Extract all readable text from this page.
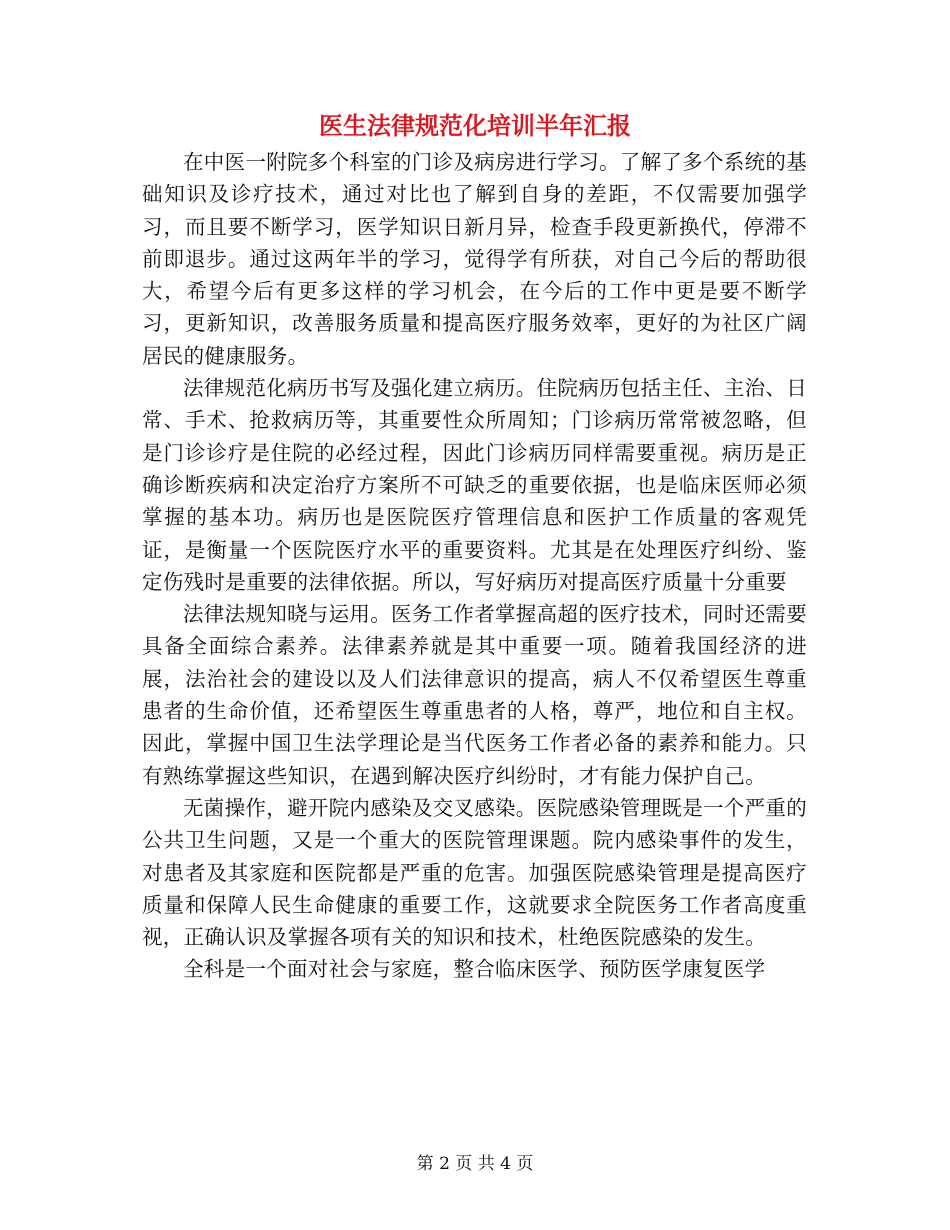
医生法律规范化培训半年汇报

在中医一附院多个科室的门诊及病房进行学习。了解了多个系统的基础知识及诊疗技术，通过对比也了解到自身的差距，不仅需要加强学习，而且要不断学习，医学知识日新月异，检查手段更新换代，停滞不前即退步。通过这两年半的学习，觉得学有所获，对自己今后的帮助很大，希望今后有更多这样的学习机会，在今后的工作中更是要不断学习，更新知识，改善服务质量和提高医疗服务效率，更好的为社区广阔居民的健康服务。

法律规范化病历书写及强化建立病历。住院病历包括主任、主治、日常、手术、抢救病历等，其重要性众所周知；门诊病历常常被忽略，但是门诊诊疗是住院的必经过程，因此门诊病历同样需要重视。病历是正确诊断疾病和决定治疗方案所不可缺乏的重要依据，也是临床医师必须掌握的基本功。病历也是医院医疗管理信息和医护工作质量的客观凭证，是衡量一个医院医疗水平的重要资料。尤其是在处理医疗纠纷、鉴定伤残时是重要的法律依据。所以，写好病历对提高医疗质量十分重要

法律法规知晓与运用。医务工作者掌握高超的医疗技术，同时还需要具备全面综合素养。法律素养就是其中重要一项。随着我国经济的进展，法治社会的建设以及人们法律意识的提高，病人不仅希望医生尊重患者的生命价值，还希望医生尊重患者的人格，尊严，地位和自主权。因此，掌握中国卫生法学理论是当代医务工作者必备的素养和能力。只有熟练掌握这些知识，在遇到解决医疗纠纷时，才有能力保护自己。

无菌操作，避开院内感染及交叉感染。医院感染管理既是一个严重的公共卫生问题，又是一个重大的医院管理课题。院内感染事件的发生，对患者及其家庭和医院都是严重的危害。加强医院感染管理是提高医疗质量和保障人民生命健康的重要工作，这就要求全院医务工作者高度重视，正确认识及掌握各项有关的知识和技术，杜绝医院感染的发生。

全科是一个面对社会与家庭，整合临床医学、预防医学康复医学

第 2 页 共 4 页
